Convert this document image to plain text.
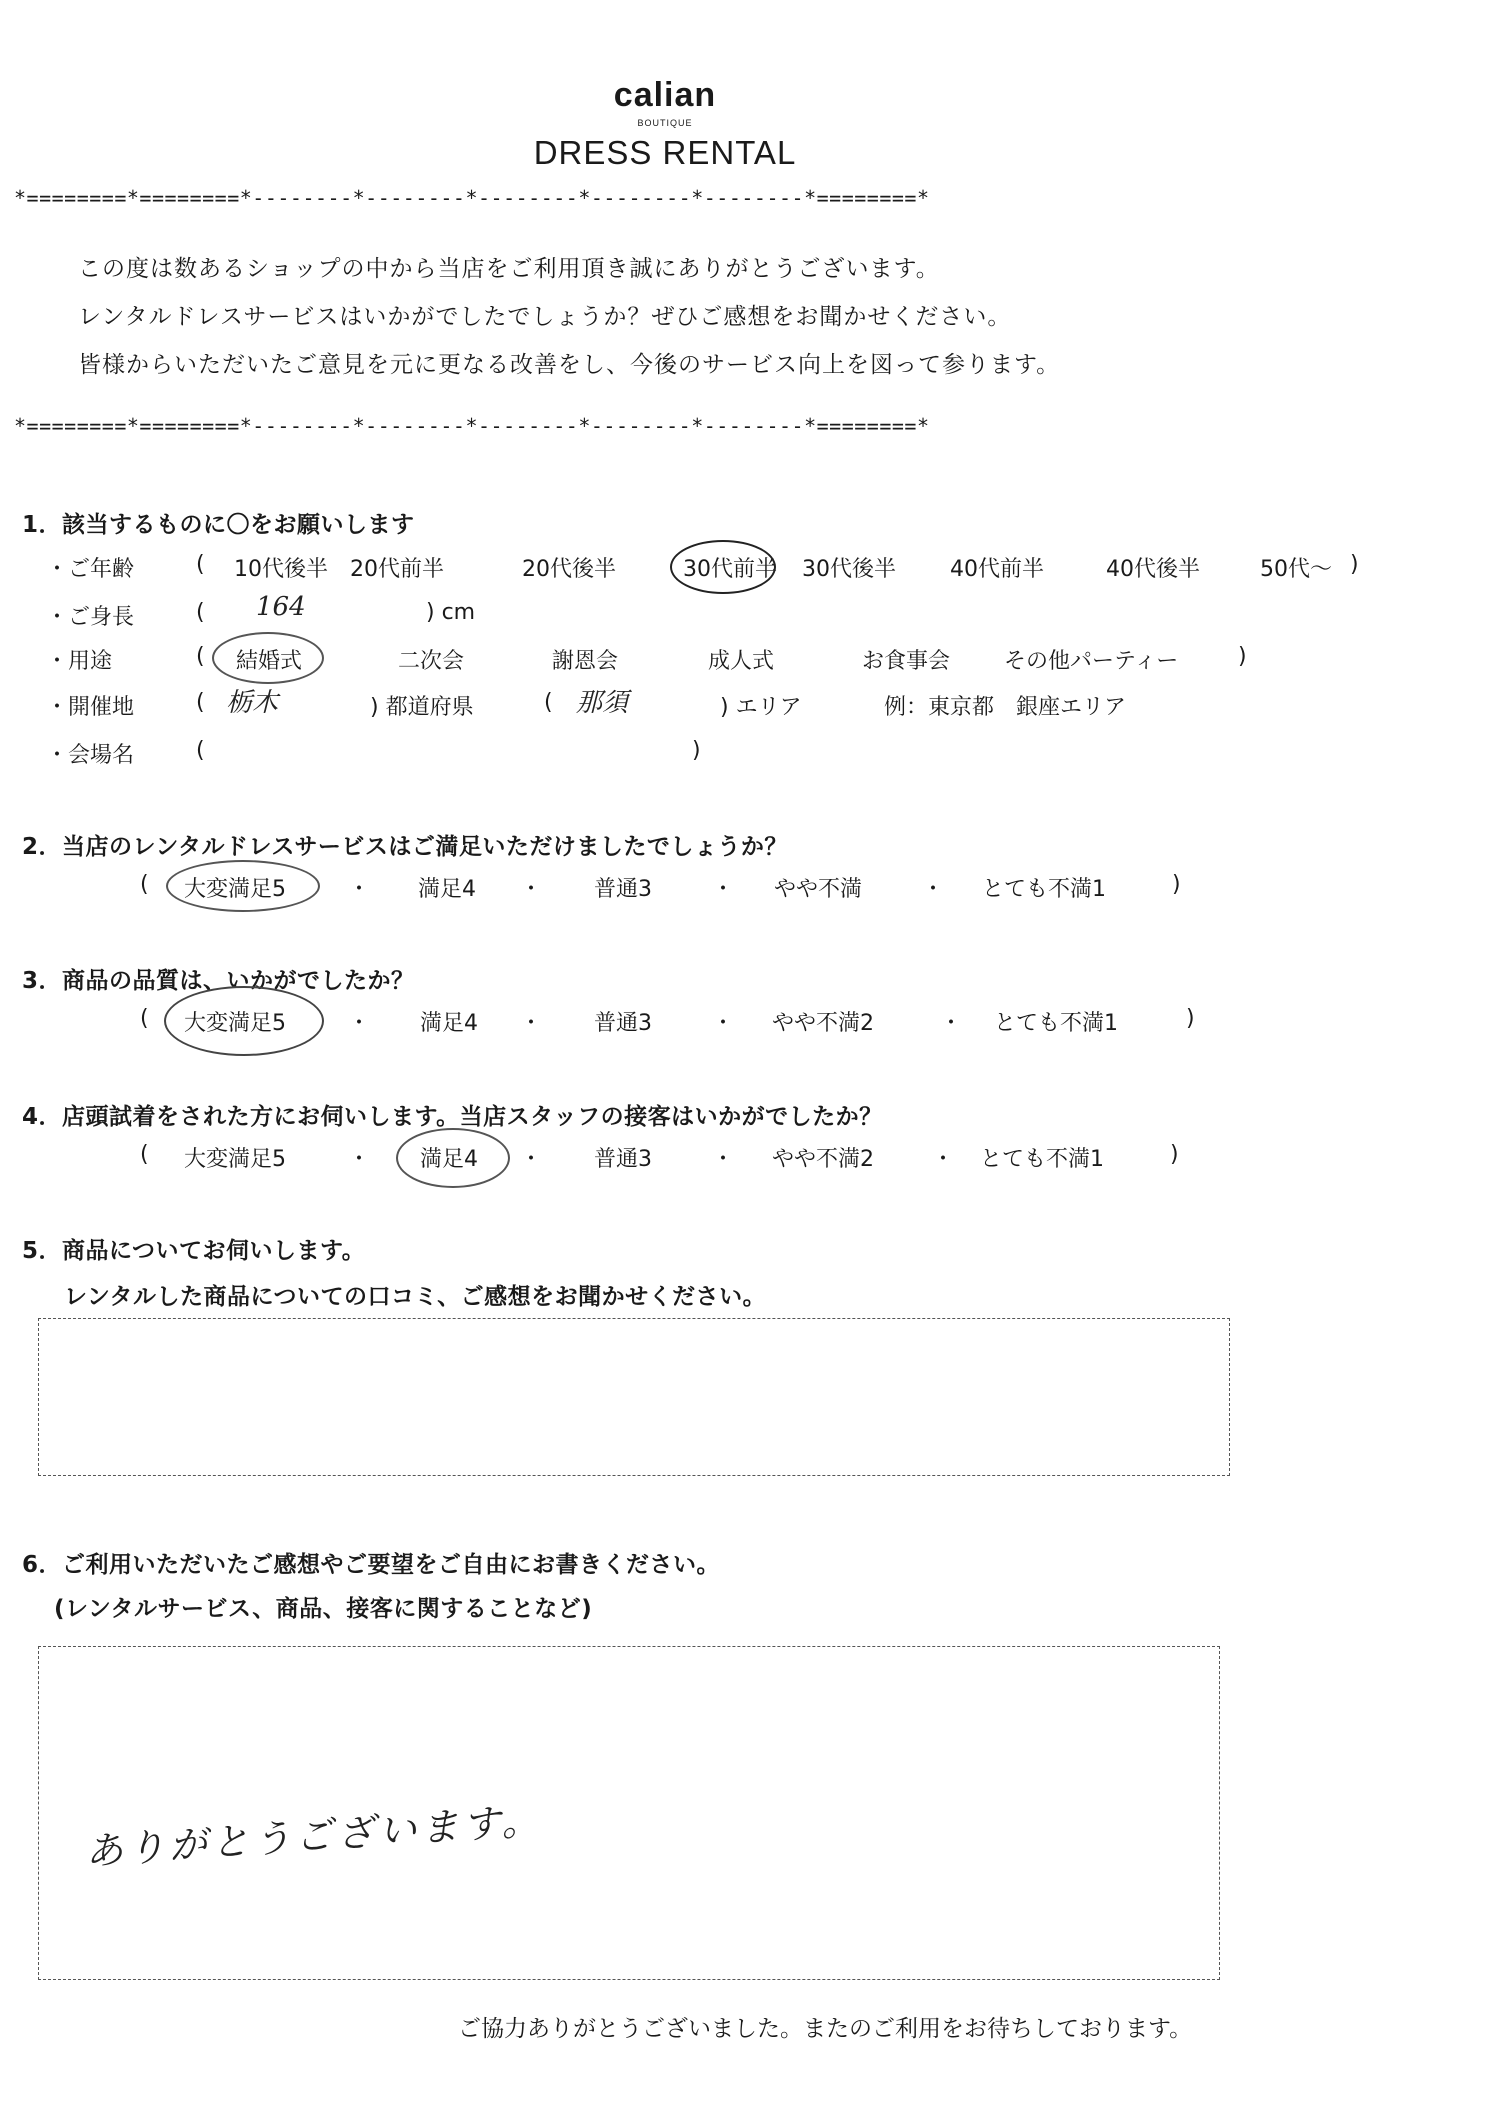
calian
BOUTIQUE
DRESS RENTAL
*========*========*--------*--------*--------*--------*--------*========*
この度は数あるショップの中から当店をご利用頂き誠にありがとうございます。
レンタルドレスサービスはいかがでしたでしょうか？ぜひご感想をお聞かせください。
皆様からいただいたご意見を元に更なる改善をし、今後のサービス向上を図って参ります。
*========*========*--------*--------*--------*--------*--------*========*
1．該当するものに〇をお願いします
・ご年齢	( 10代後半 20代前半	20代後半	30代前半 30代後半 40代前半	40代後半	50代～ )
・ご身長	( 164	) cm
・用途	( 結婚式	二次会	謝恩会	成人式	お食事会 その他パーティー	)
・開催地	( 栃木	) 都道府県	( 那須	) エリア	例：東京都　銀座エリア
・会場名	(	)
2．当店のレンタルドレスサービスはご満足いただけましたでしょうか？
( 大変満足5	・ 満足4 ・ 普通3	・ やや不満	・ とても不満1	)
3．商品の品質は、いかがでしたか？
( 大変満足5	・ 満足4 ・ 普通3	・ やや不満2	・ とても不満1	)
4．店頭試着をされた方にお伺いします。当店スタッフの接客はいかがでしたか？
( 大変満足5	・ 満足4 ・ 普通3	・ やや不満2	・ とても不満1	)
5．商品についてお伺いします。
レンタルした商品についての口コミ、ご感想をお聞かせください。
6．ご利用いただいたご感想やご要望をご自由にお書きください。
(レンタルサービス、商品、接客に関することなど)
ありがとうございます。
ご協力ありがとうございました。またのご利用をお待ちしております。
